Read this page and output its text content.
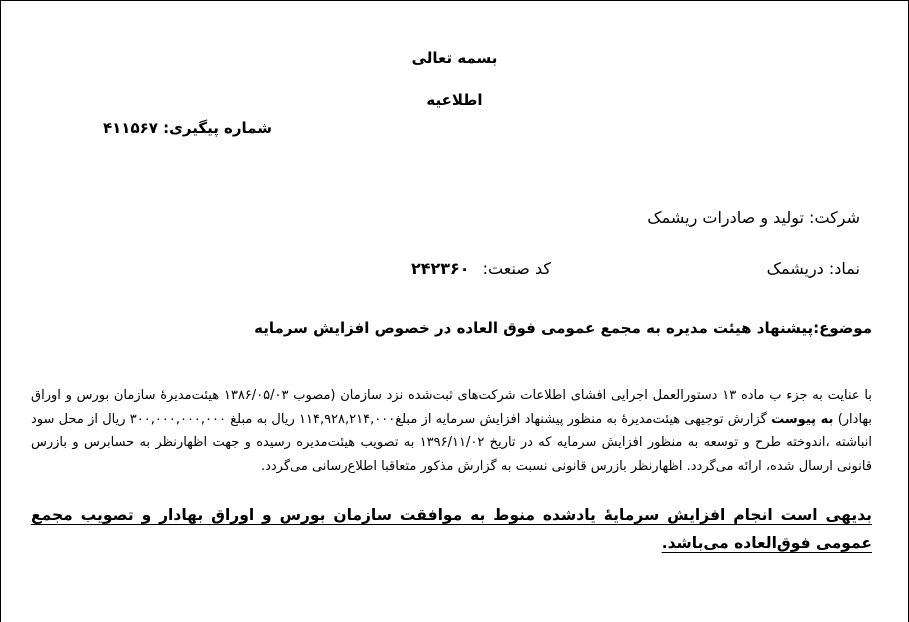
بسمه تعالی
اطلاعیه
شماره پیگیری: ۴۱۱۵۶۷
شرکت: تولید و صادرات ریشمک
نماد: دریشمک
کد صنعت: ۲۴۲۳۶۰
موضوع:پیشنهاد هیئت مدیره به مجمع عمومی فوق العاده در خصوص افزایش سرمایه
با عنایت به جزء ب ماده ۱۳ دستورالعمل اجرایی افشای اطلاعات شرکت‌های ثبت‌شده نزد سازمان (مصوب ۱۳۸۶/۰۵/۰۳ هیئت‌مدیرهٔ سازمان بورس و اوراق بهادار) به پیوست گزارش توجیهی هیئت‌مدیرهٔ به منظور پیشنهاد افزایش سرمایه از مبلغ۱۱۴,۹۲۸,۲۱۴,۰۰۰ ریال به مبلغ ۳۰۰,۰۰۰,۰۰۰,۰۰۰ ریال از محل سود انباشته ،اندوخته طرح و توسعه به منظور افزایش سرمایه که در تاریخ ۱۳۹۶/۱۱/۰۲ به تصویب هیئت‌مدیره رسیده و جهت اظهارنظر به حسابرس و بازرس قانونی ارسال شده، ارائه می‌گردد. اظهارنظر بازرس قانونی نسبت به گزارش مذکور متعاقبا اطلاع‌رسانی می‌گردد.
بدیهی است انجام افزایش سرمایهٔ یادشده منوط به موافقت سازمان بورس و اوراق بهادار و تصویب مجمع عمومی فوق‌العاده می‌باشد.
